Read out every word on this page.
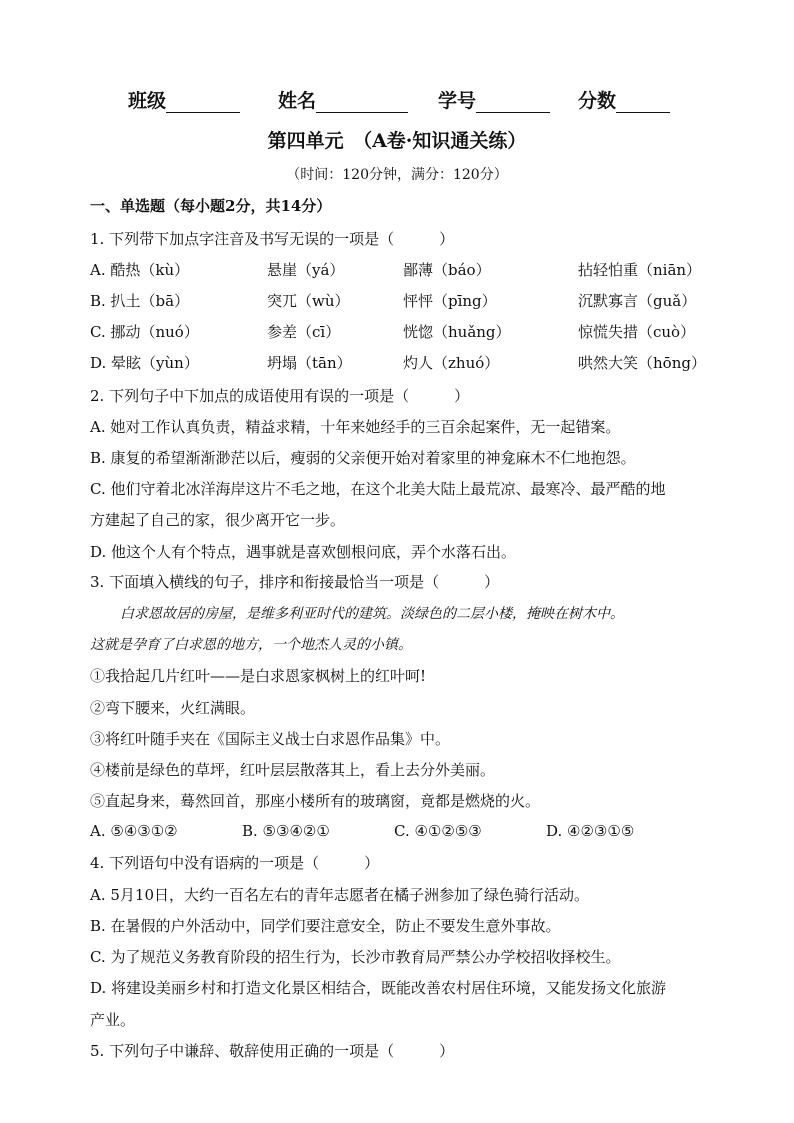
班级	姓名	学号	分数
第四单元　（A卷·知识通关练）
（时间：120分钟，满分：120分）
一、单选题（每小题2分，共14分）
1. 下列带下加点字注音及书写无误的一项是（　　　）
A. 酷热（kù）	悬崖（yá）	鄙薄（báo）	拈轻怕重（niān）
B. 扒土（bā）	突兀（wù）	怦怦（pīng）	沉默寡言（guǎ）
C. 挪动（nuó）	参差（cī）	恍惚（huǎng）	惊慌失措（cuò）
D. 晕眩（yùn）	坍塌（tān）	灼人（zhuó）	哄然大笑（hōng）
2. 下列句子中下加点的成语使用有误的一项是（　　　）
A. 她对工作认真负责，精益求精，十年来她经手的三百余起案件，无一起错案。
B. 康复的希望渐渐渺茫以后，瘦弱的父亲便开始对着家里的神龛麻木不仁地抱怨。
C. 他们守着北冰洋海岸这片不毛之地，在这个北美大陆上最荒凉、最寒冷、最严酷的地
方建起了自己的家，很少离开它一步。
D. 他这个人有个特点，遇事就是喜欢刨根问底，弄个水落石出。
3. 下面填入横线的句子，排序和衔接最恰当一项是（　　　）
白求恩故居的房屋，是维多利亚时代的建筑。淡绿色的二层小楼，掩映在树木中。
这就是孕育了白求恩的地方，一个地杰人灵的小镇。
①我拾起几片红叶——是白求恩家枫树上的红叶呵!
②弯下腰来，火红满眼。
③将红叶随手夹在《国际主义战士白求恩作品集》中。
④楼前是绿色的草坪，红叶层层散落其上，看上去分外美丽。
⑤直起身来，蓦然回首，那座小楼所有的玻璃窗，竟都是燃烧的火。
A. ⑤④③①②	B. ⑤③④②①	C. ④①②⑤③	D. ④②③①⑤
4. 下列语句中没有语病的一项是（　　　）
A. 5月10日，大约一百名左右的青年志愿者在橘子洲参加了绿色骑行活动。
B. 在暑假的户外活动中，同学们要注意安全，防止不要发生意外事故。
C. 为了规范义务教育阶段的招生行为，长沙市教育局严禁公办学校招收择校生。
D. 将建设美丽乡村和打造文化景区相结合，既能改善农村居住环境，又能发扬文化旅游
产业。
5. 下列句子中谦辞、敬辞使用正确的一项是（　　　）
